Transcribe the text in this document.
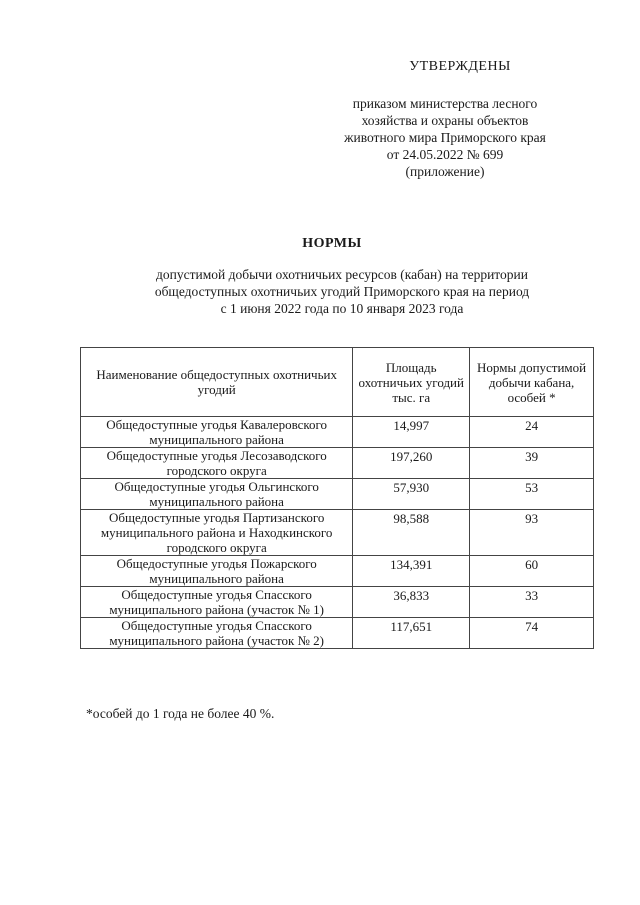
УТВЕРЖДЕНЫ
приказом министерства лесного
хозяйства и охраны объектов
животного мира Приморского края
от 24.05.2022 № 699
(приложение)
НОРМЫ
допустимой добычи охотничьих ресурсов (кабан) на территории
общедоступных охотничьих угодий Приморского края на период
с 1 июня 2022 года по 10 января 2023 года
Наименование общедоступных охотничьих угодий	Площадь охотничьих угодий тыс. га	Нормы допустимой добычи кабана, особей *
Общедоступные угодья Кавалеровского муниципального района	14,997	24
Общедоступные угодья Лесозаводского городского округа	197,260	39
Общедоступные угодья Ольгинского муниципального района	57,930	53
Общедоступные угодья Партизанского муниципального района и Находкинского городского округа	98,588	93
Общедоступные угодья Пожарского муниципального района	134,391	60
Общедоступные угодья Спасского муниципального района (участок № 1)	36,833	33
Общедоступные угодья Спасского муниципального района (участок № 2)	117,651	74
*особей до 1 года не более 40 %.
